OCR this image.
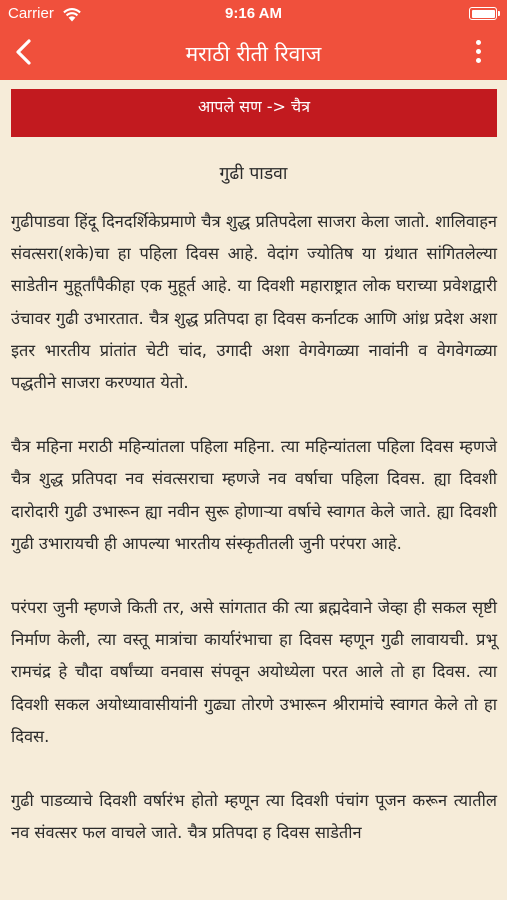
Carrier	9:16 AM
मराठी रीती रिवाज
आपले सण -> चैत्र
गुढी पाडवा

गुढीपाडवा हिंदू दिनदर्शिकेप्रमाणे चैत्र शुद्ध प्रतिपदेला साजरा केला जातो. शालिवाहन संवत्सरा(शके)चा हा पहिला दिवस आहे. वेदांग ज्योतिष या ग्रंथात सांगितलेल्या साडेतीन मुहूर्तांपैकीहा एक मुहूर्त आहे. या दिवशी महाराष्ट्रात लोक घराच्या प्रवेशद्वारी उंचावर गुढी उभारतात. चैत्र शुद्ध प्रतिपदा हा दिवस कर्नाटक आणि आंध्र प्रदेश अशा इतर भारतीय प्रांतांत चेटी चांद, उगादी अशा वेगवेगळ्या नावांनी व वेगवेगळ्या पद्धतीने साजरा करण्यात येतो.

चैत्र महिना मराठी महिन्यांतला पहिला महिना. त्या महिन्यांतला पहिला दिवस म्हणजे चैत्र शुद्ध प्रतिपदा नव संवत्सराचा म्हणजे नव वर्षाचा पहिला दिवस. ह्या दिवशी दारोदारी गुढी उभारून ह्या नवीन सुरू होणाऱ्या वर्षाचे स्वागत केले जाते. ह्या दिवशी गुढी उभारायची ही आपल्या भारतीय संस्कृतीतली जुनी परंपरा आहे.

परंपरा जुनी म्हणजे किती तर, असे सांगतात की त्या ब्रह्मदेवाने जेव्हा ही सकल सृष्टी निर्माण केली, त्या वस्तू मात्रांचा कार्यारंभाचा हा दिवस म्हणून गुढी लावायची. प्रभू रामचंद्र हे चौदा वर्षांच्या वनवास संपवून अयोध्येला परत आले तो हा दिवस. त्या दिवशी सकल अयोध्यावासीयांनी गुढ्या तोरणे उभारून श्रीरामांचे स्वागत केले तो हा दिवस.

गुढी पाडव्याचे दिवशी वर्षारंभ होतो म्हणून त्या दिवशी पंचांग पूजन करून त्यातील नव संवत्सर फल वाचले जाते. चैत्र प्रतिपदा ह दिवस साडेतीन
